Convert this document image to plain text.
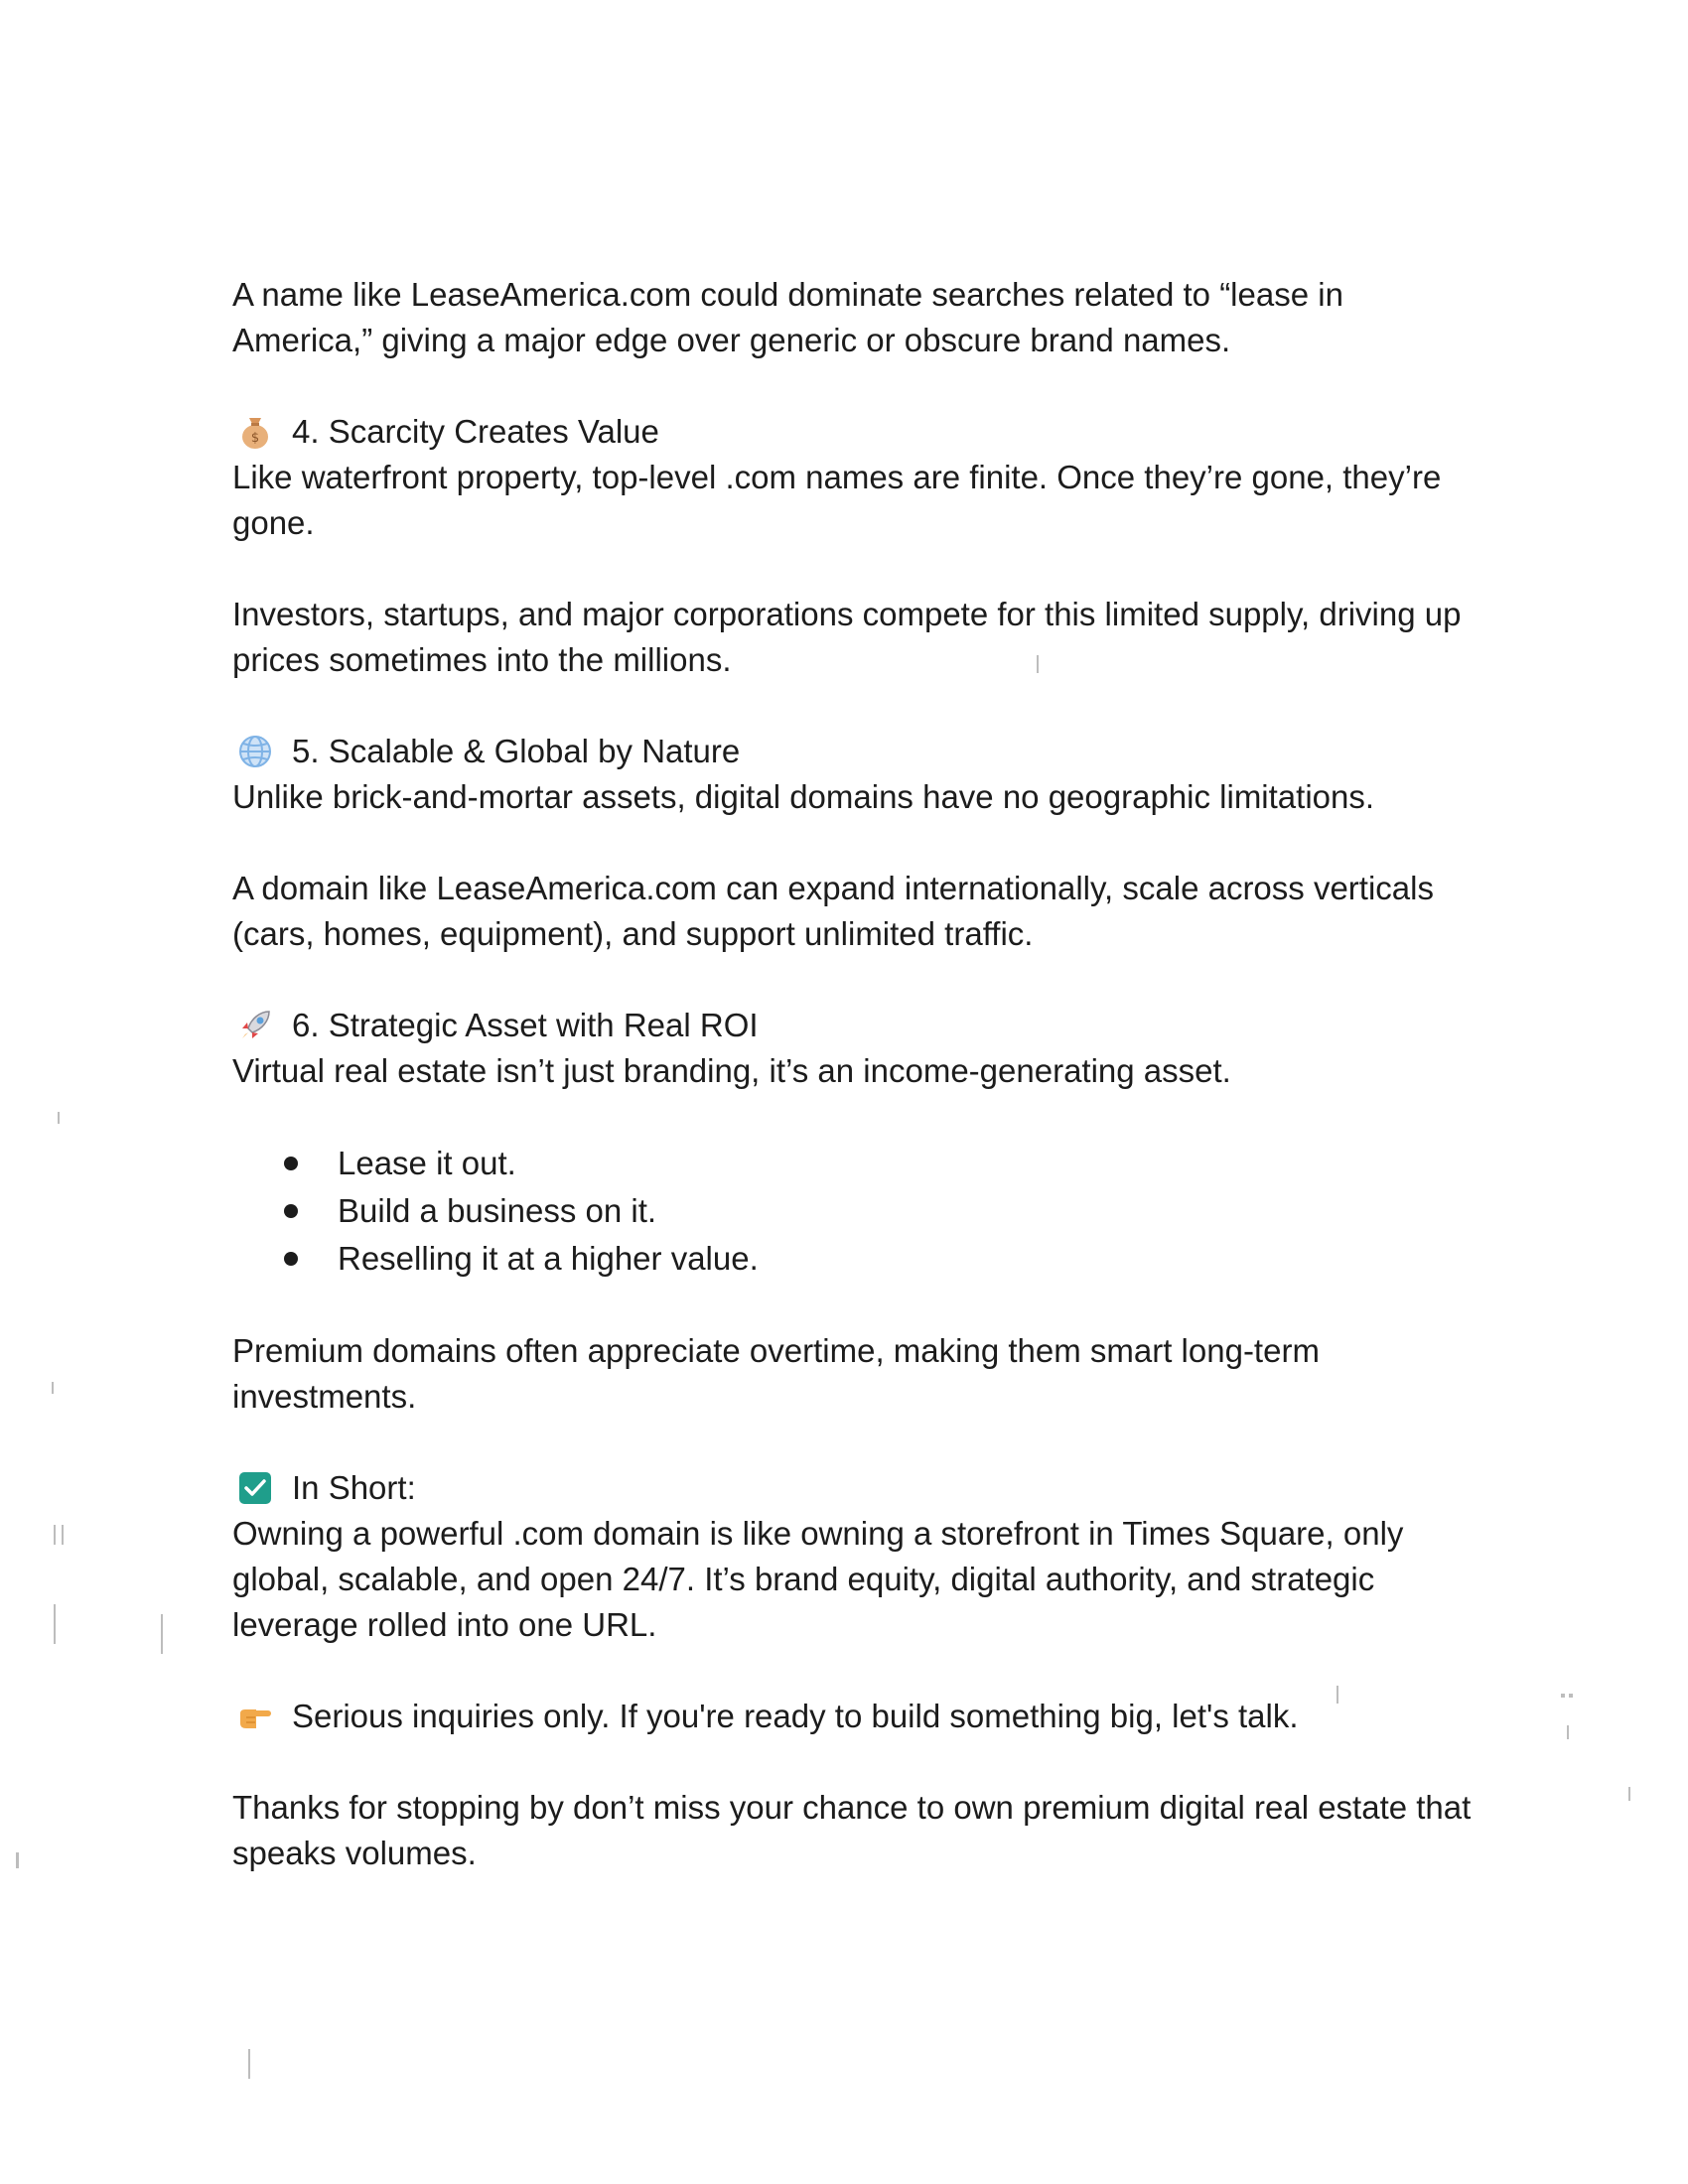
A name like LeaseAmerica.com could dominate searches related to “lease in America,” giving a major edge over generic or obscure brand names.

$ 4. Scarcity Creates Value

Like waterfront property, top-level .com names are finite. Once they’re gone, they’re gone.

Investors, startups, and major corporations compete for this limited supply, driving up prices sometimes into the millions.

5. Scalable & Global by Nature

Unlike brick-and-mortar assets, digital domains have no geographic limitations.

A domain like LeaseAmerica.com can expand internationally, scale across verticals (cars, homes, equipment), and support unlimited traffic.

6. Strategic Asset with Real ROI

Virtual real estate isn’t just branding, it’s an income-generating asset.

Lease it out.
Build a business on it.
Reselling it at a higher value.

Premium domains often appreciate overtime, making them smart long-term investments.

In Short:

Owning a powerful .com domain is like owning a storefront in Times Square, only global, scalable, and open 24/7. It’s brand equity, digital authority, and strategic leverage rolled into one URL.

Serious inquiries only. If you're ready to build something big, let's talk.

Thanks for stopping by don’t miss your chance to own premium digital real estate that speaks volumes.
